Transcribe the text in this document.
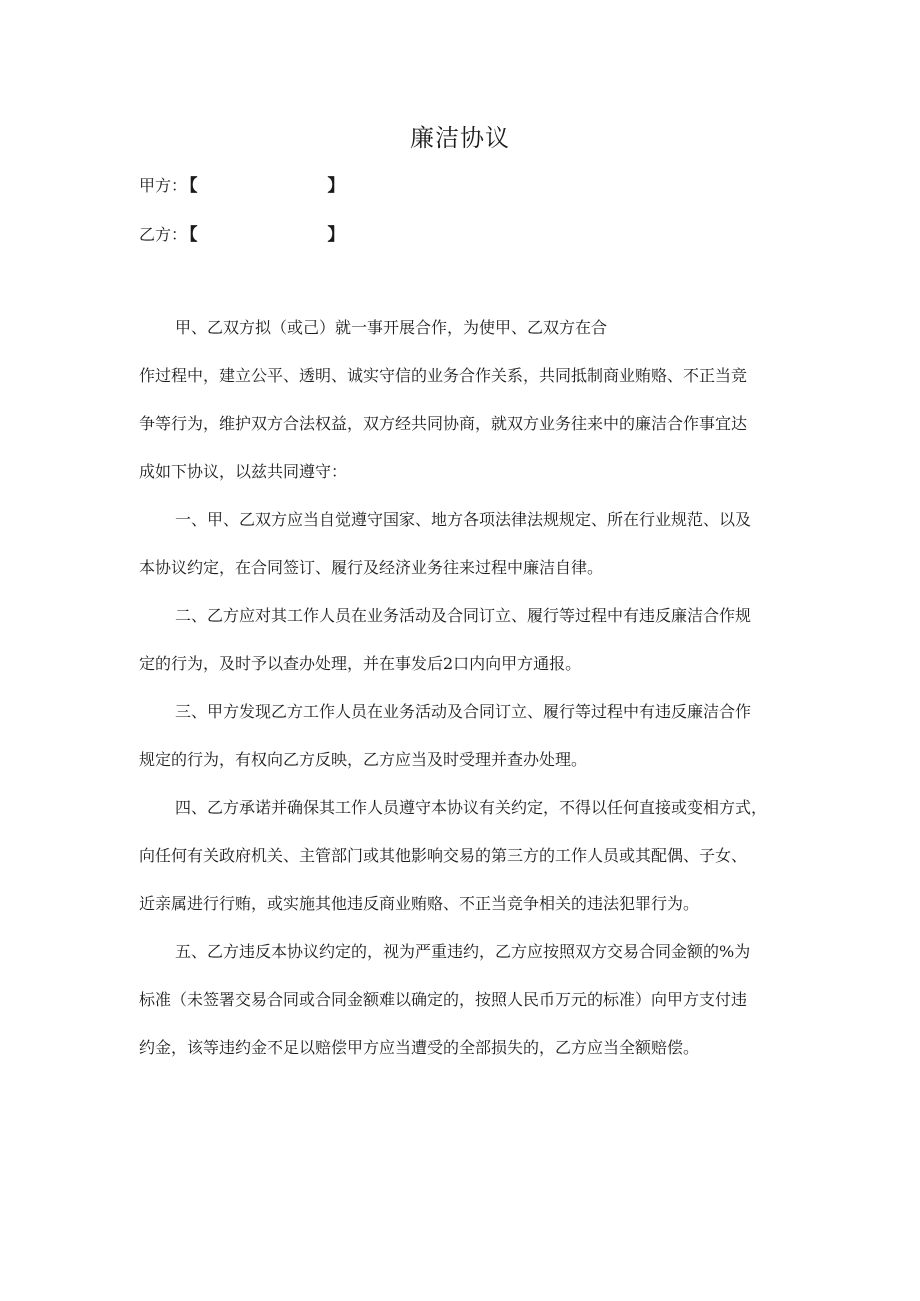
廉洁协议
甲方： 【	】
乙方： 【	】
甲、乙双方拟（或己）就一事开展合作，为使甲、乙双方在合
作过程中，建立公平、透明、诚实守信的业务合作关系，共同抵制商业贿赂、不正当竞
争等行为，维护双方合法权益，双方经共同协商，就双方业务往来中的廉洁合作事宜达
成如下协议，以兹共同遵守：
一、甲、乙双方应当自觉遵守国家、地方各项法律法规规定、所在行业规范、以及
本协议约定，在合同签订、履行及经济业务往来过程中廉洁自律。
二、乙方应对其工作人员在业务活动及合同订立、履行等过程中有违反廉洁合作规
定的行为，及时予以查办处理，并在事发后2口内向甲方通报。
三、甲方发现乙方工作人员在业务活动及合同订立、履行等过程中有违反廉洁合作
规定的行为，有权向乙方反映，乙方应当及时受理并查办处理。
四、乙方承诺并确保其工作人员遵守本协议有关约定，不得以任何直接或变相方式，
向任何有关政府机关、主管部门或其他影响交易的第三方的工作人员或其配偶、子女、
近亲属进行行贿，或实施其他违反商业贿赂、不正当竞争相关的违法犯罪行为。
五、乙方违反本协议约定的，视为严重违约，乙方应按照双方交易合同金额的%为
标准（未签署交易合同或合同金额难以确定的，按照人民币万元的标准）向甲方支付违
约金，该等违约金不足以赔偿甲方应当遭受的全部损失的，乙方应当全额赔偿。
